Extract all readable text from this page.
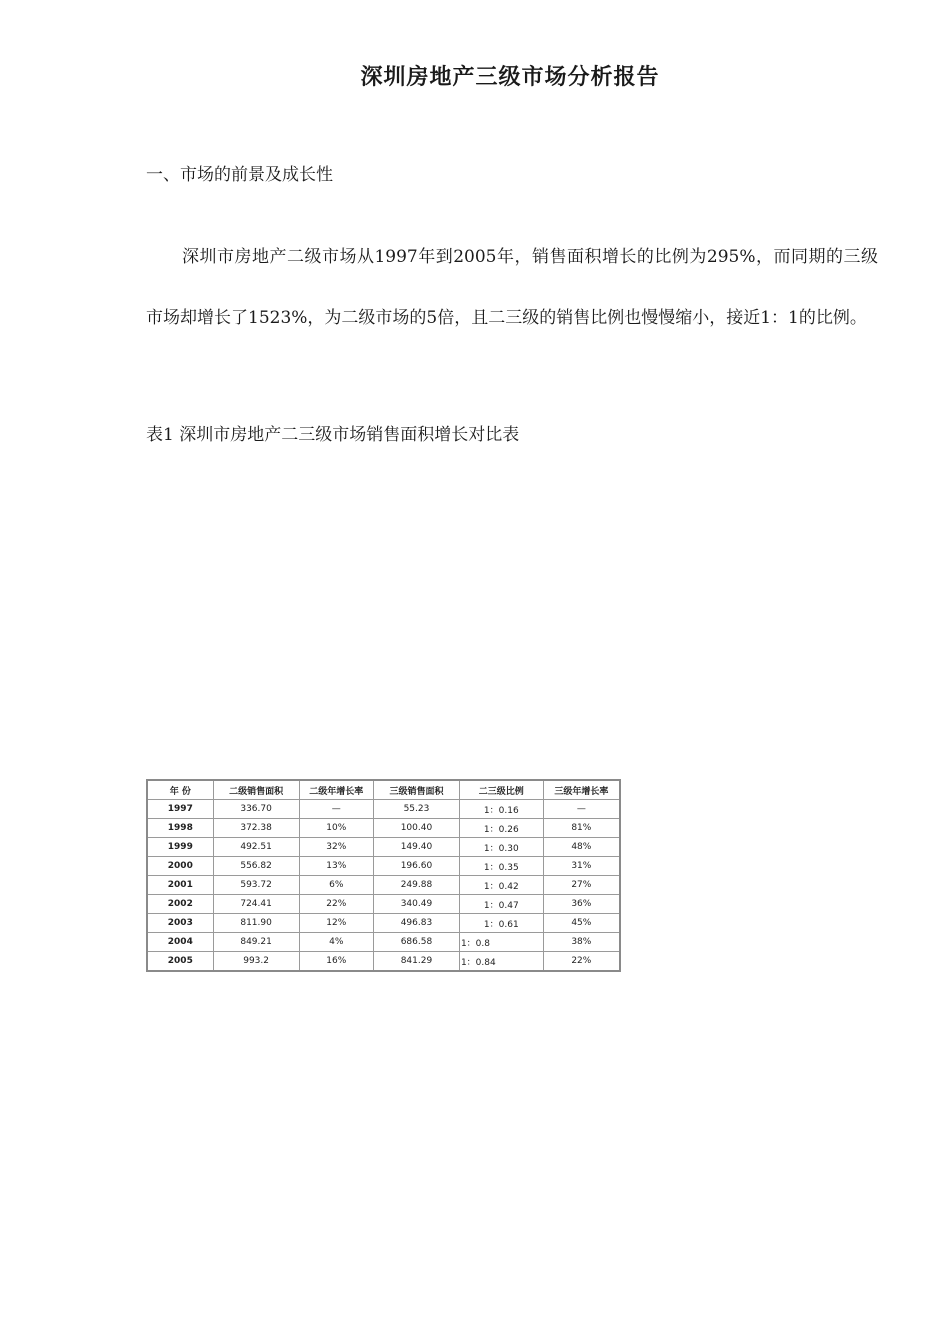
深圳房地产三级市场分析报告
一、市场的前景及成长性

深圳市房地产二级市场从1997年到2005年，销售面积增长的比例为295%，而同期的三级市场却增长了1523%，为二级市场的5倍，且二三级的销售比例也慢慢缩小，接近1：1的比例。

表1 深圳市房地产二三级市场销售面积增长对比表

年 份	二级销售面积	二级年增长率	三级销售面积	二三级比例	三级年增长率
1997	336.70	—	55.23	1：0.16	—
1998	372.38	10%	100.40	1：0.26	81%
1999	492.51	32%	149.40	1：0.30	48%
2000	556.82	13%	196.60	1：0.35	31%
2001	593.72	6%	249.88	1：0.42	27%
2002	724.41	22%	340.49	1：0.47	36%
2003	811.90	12%	496.83	1：0.61	45%
2004	849.21	4%	686.58	1：0.8	38%
2005	993.2	16%	841.29	1：0.84	22%
